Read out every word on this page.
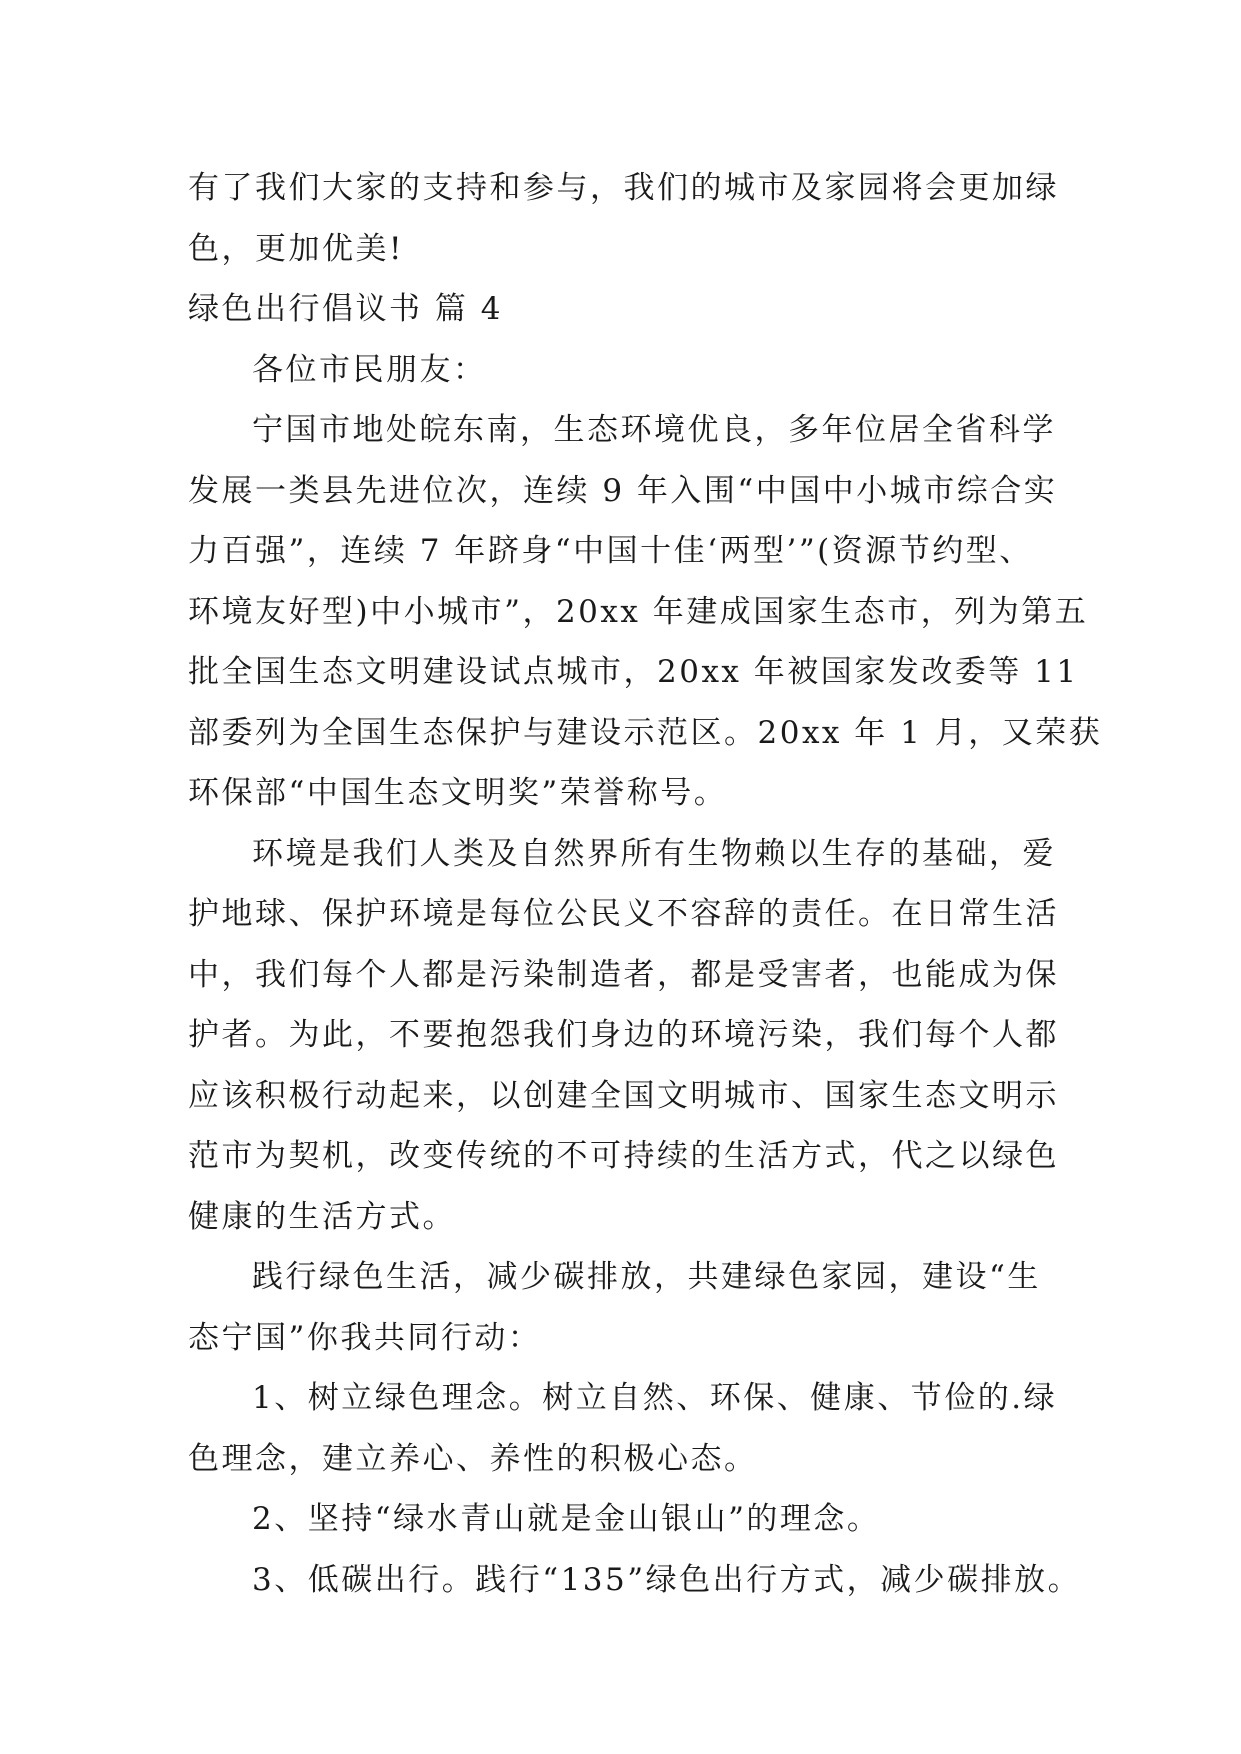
有了我们大家的支持和参与，我们的城市及家园将会更加绿

色，更加优美!

绿色出行倡议书 篇 4

各位市民朋友：

宁国市地处皖东南，生态环境优良，多年位居全省科学

发展一类县先进位次，连续 9 年入围“中国中小城市综合实

力百强”，连续 7 年跻身“中国十佳‘两型’”(资源节约型、

环境友好型)中小城市”，20xx 年建成国家生态市，列为第五

批全国生态文明建设试点城市，20xx 年被国家发改委等 11

部委列为全国生态保护与建设示范区。20xx 年 1 月，又荣获

环保部“中国生态文明奖”荣誉称号。

环境是我们人类及自然界所有生物赖以生存的基础，爱

护地球、保护环境是每位公民义不容辞的责任。在日常生活

中，我们每个人都是污染制造者，都是受害者，也能成为保

护者。为此，不要抱怨我们身边的环境污染，我们每个人都

应该积极行动起来，以创建全国文明城市、国家生态文明示

范市为契机，改变传统的不可持续的生活方式，代之以绿色

健康的生活方式。

践行绿色生活，减少碳排放，共建绿色家园，建设“生

态宁国”你我共同行动：

1、树立绿色理念。树立自然、环保、健康、节俭的.绿

色理念，建立养心、养性的积极心态。

2、坚持“绿水青山就是金山银山”的理念。

3、低碳出行。践行“135”绿色出行方式，减少碳排放。
